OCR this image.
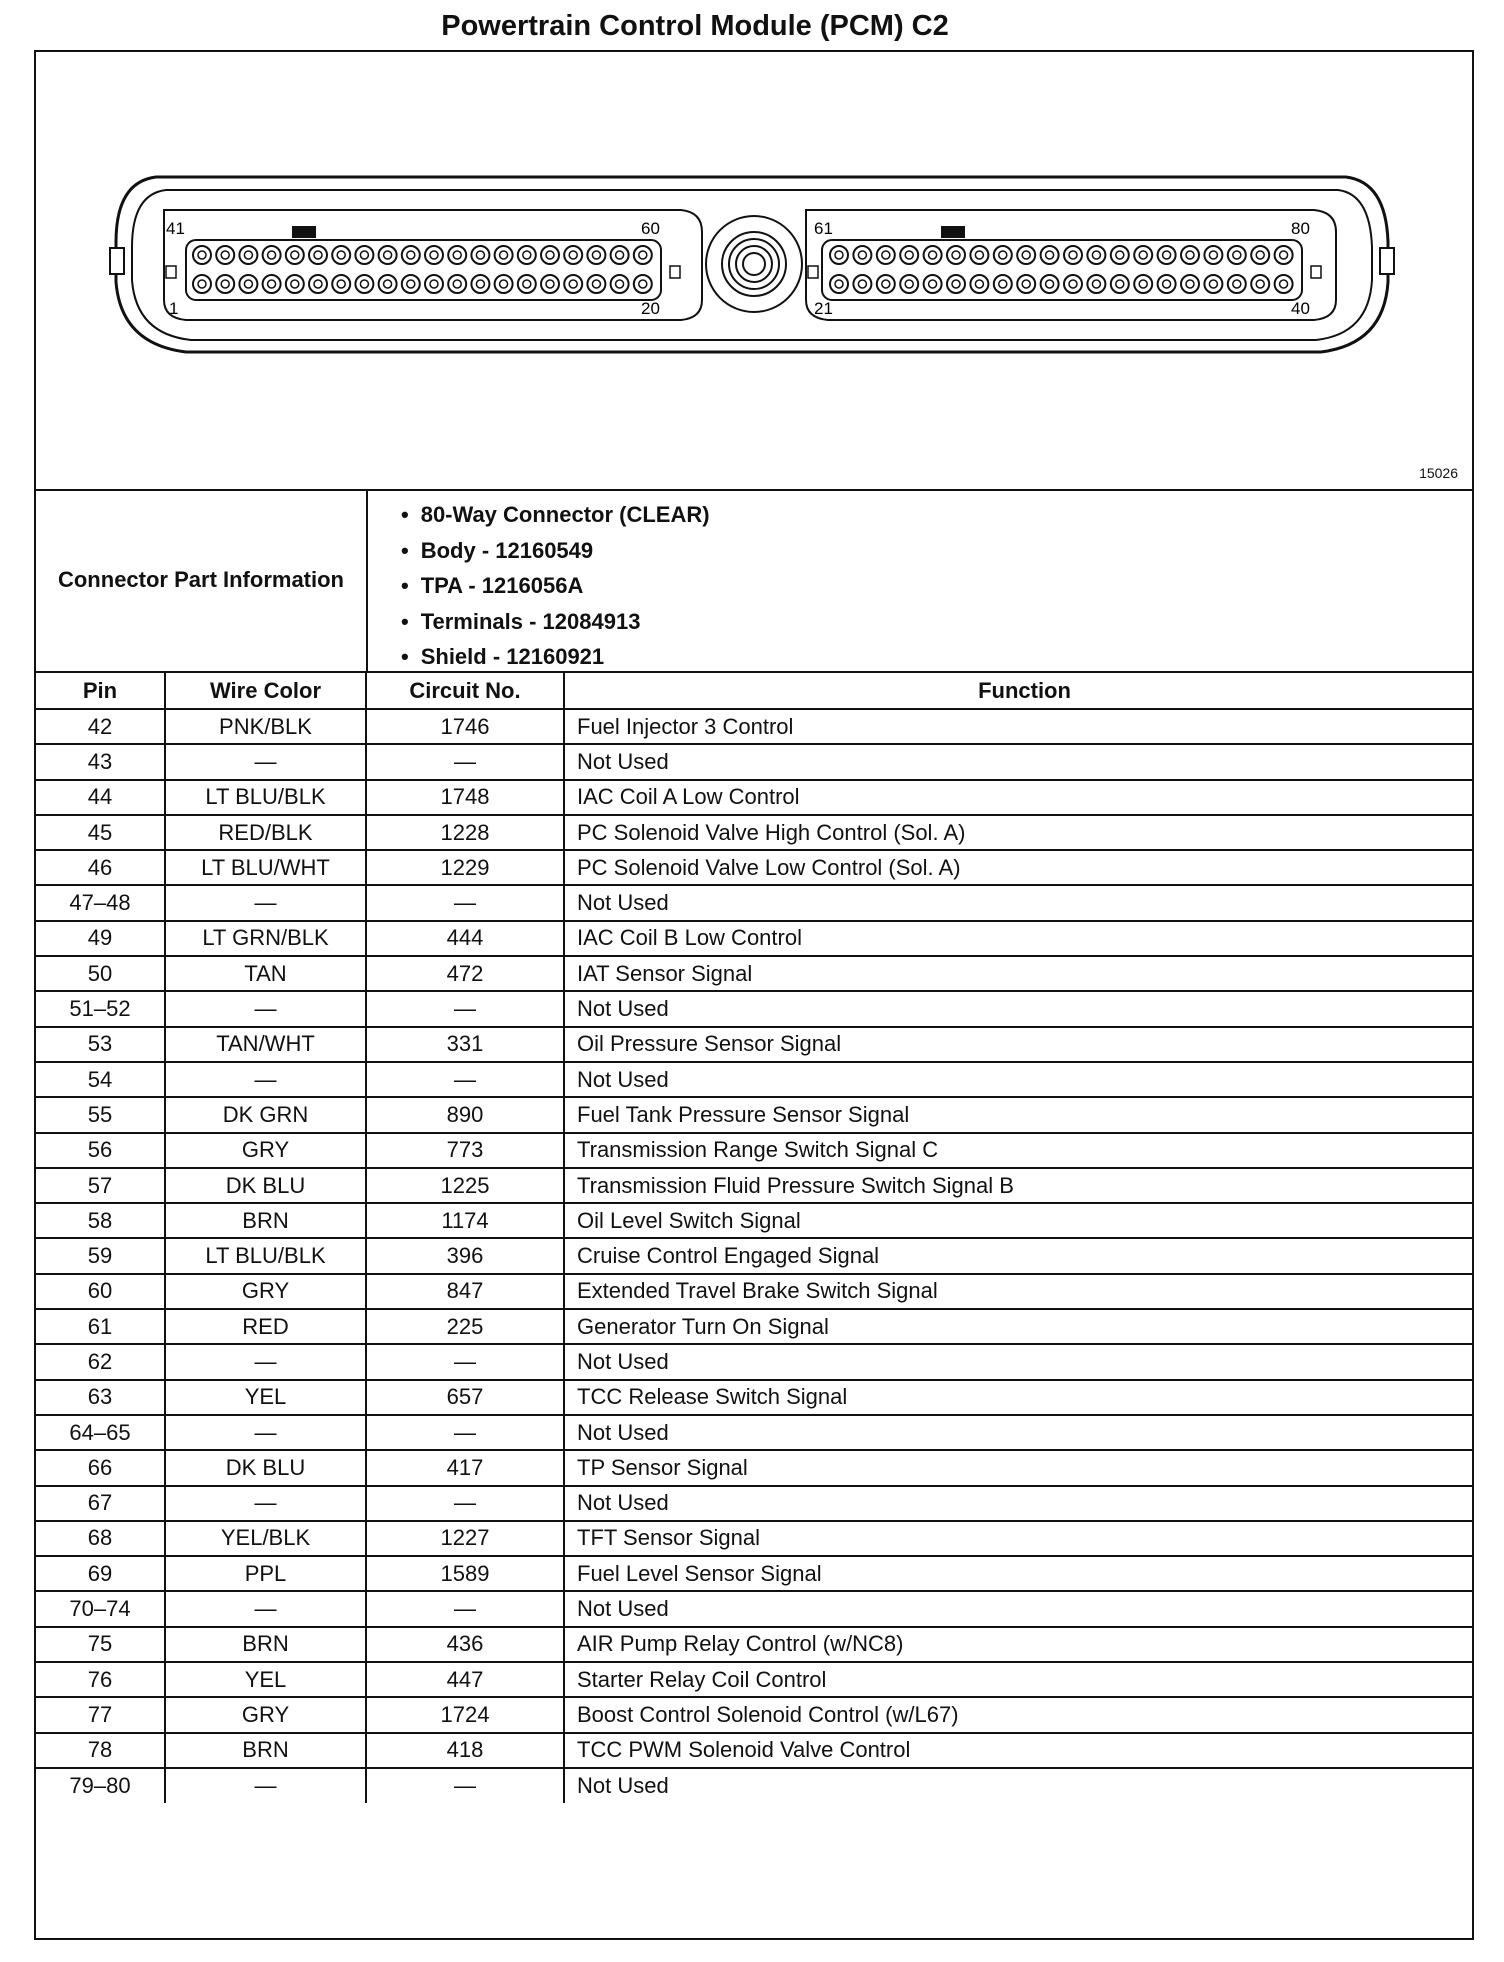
Powertrain Control Module (PCM) C2
41	60
1	20
61	80
21	40
15026
Connector Part Information
• 80-Way Connector (CLEAR)
• Body - 12160549
• TPA - 1216056A
• Terminals - 12084913
• Shield - 12160921
Pin	Wire Color	Circuit No.	Function
42	PNK/BLK	1746	Fuel Injector 3 Control
43	—	—	Not Used
44	LT BLU/BLK	1748	IAC Coil A Low Control
45	RED/BLK	1228	PC Solenoid Valve High Control (Sol. A)
46	LT BLU/WHT	1229	PC Solenoid Valve Low Control (Sol. A)
47–48	—	—	Not Used
49	LT GRN/BLK	444	IAC Coil B Low Control
50	TAN	472	IAT Sensor Signal
51–52	—	—	Not Used
53	TAN/WHT	331	Oil Pressure Sensor Signal
54	—	—	Not Used
55	DK GRN	890	Fuel Tank Pressure Sensor Signal
56	GRY	773	Transmission Range Switch Signal C
57	DK BLU	1225	Transmission Fluid Pressure Switch Signal B
58	BRN	1174	Oil Level Switch Signal
59	LT BLU/BLK	396	Cruise Control Engaged Signal
60	GRY	847	Extended Travel Brake Switch Signal
61	RED	225	Generator Turn On Signal
62	—	—	Not Used
63	YEL	657	TCC Release Switch Signal
64–65	—	—	Not Used
66	DK BLU	417	TP Sensor Signal
67	—	—	Not Used
68	YEL/BLK	1227	TFT Sensor Signal
69	PPL	1589	Fuel Level Sensor Signal
70–74	—	—	Not Used
75	BRN	436	AIR Pump Relay Control (w/NC8)
76	YEL	447	Starter Relay Coil Control
77	GRY	1724	Boost Control Solenoid Control (w/L67)
78	BRN	418	TCC PWM Solenoid Valve Control
79–80	—	—	Not Used
